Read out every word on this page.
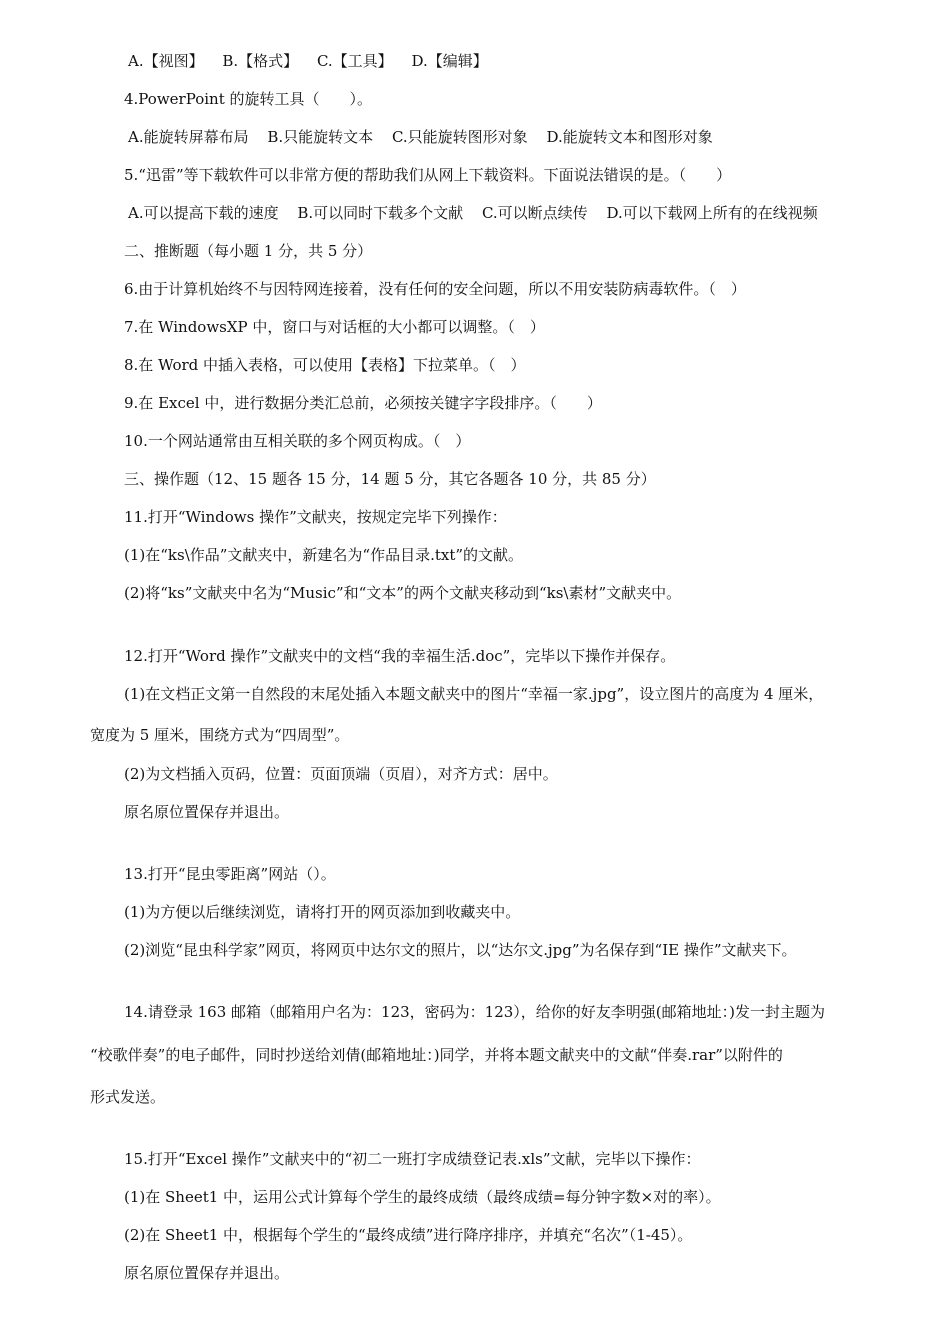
A.【视图】 B.【格式】 C.【工具】 D.【编辑】

4.PowerPoint 的旋转工具（　　）。

A.能旋转屏幕布局 B.只能旋转文本 C.只能旋转图形对象 D.能旋转文本和图形对象

5.“迅雷”等下载软件可以非常方便的帮助我们从网上下载资料。下面说法错误的是。（　　）

A.可以提高下载的速度 B.可以同时下载多个文献 C.可以断点续传 D.可以下载网上所有的在线视频

二、推断题（每小题 1 分，共 5 分）

6.由于计算机始终不与因特网连接着，没有任何的安全问题，所以不用安装防病毒软件。（　）

7.在 WindowsXP 中，窗口与对话框的大小都可以调整。（　）

8.在 Word 中插入表格，可以使用【表格】下拉菜单。（　）

9.在 Excel 中，进行数据分类汇总前，必须按关键字字段排序。（　　）

10.一个网站通常由互相关联的多个网页构成。（　）

三、操作题（12、15 题各 15 分，14 题 5 分，其它各题各 10 分，共 85 分）

11.打开“Windows 操作”文献夹，按规定完毕下列操作：

(1)在“ks\作品”文献夹中，新建名为“作品目录.txt”的文献。

(2)将“ks”文献夹中名为“Music”和“文本”的两个文献夹移动到“ks\素材”文献夹中。

12.打开“Word 操作”文献夹中的文档“我的幸福生活.doc”，完毕以下操作并保存。

(1)在文档正文第一自然段的末尾处插入本题文献夹中的图片“幸福一家.jpg”，设立图片的高度为 4 厘米，

宽度为 5 厘米，围绕方式为“四周型”。

(2)为文档插入页码，位置：页面顶端（页眉），对齐方式：居中。

原名原位置保存并退出。

13.打开“昆虫零距离”网站（）。

(1)为方便以后继续浏览，请将打开的网页添加到收藏夹中。

(2)浏览“昆虫科学家”网页，将网页中达尔文的照片，以“达尔文.jpg”为名保存到“IE 操作”文献夹下。

14.请登录 163 邮箱（邮箱用户名为：123，密码为：123），给你的好友李明强(邮箱地址：)发一封主题为

“校歌伴奏”的电子邮件，同时抄送给刘倩(邮箱地址：)同学，并将本题文献夹中的文献“伴奏.rar”以附件的

形式发送。

15.打开“Excel 操作”文献夹中的“初二一班打字成绩登记表.xls”文献，完毕以下操作：

(1)在 Sheet1 中，运用公式计算每个学生的最终成绩（最终成绩=每分钟字数×对的率）。

(2)在 Sheet1 中，根据每个学生的“最终成绩”进行降序排序，并填充“名次”（1-45）。

原名原位置保存并退出。
